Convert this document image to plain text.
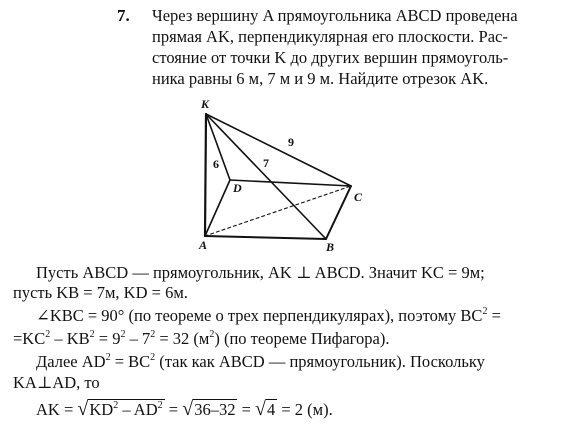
7. Через вершину A прямоугольника ABCD проведена
прямая AK, перпендикулярная его плоскости. Рас-
стояние от точки K до других вершин прямоуголь-
ника равны 6 м, 7 м и 9 м. Найдите отрезок AK.
K
D
C
A	B
6	7
9
Пусть ABCD — прямоугольник, AK ⊥ ABCD. Значит KC = 9м;
пусть KB = 7м, KD = 6м.
∠KBC = 90° (по теореме о трех перпендикулярах), поэтому $BC^2$ =
$=KC^2 - KB^2 = 9^2 - 7^2 = 32$ $(м^2)$ (по теореме Пифагора).
Далее $AD^2 = BC^2$ (так как ABCD — прямоугольник). Поскольку
KA⊥AD, то
AK = $√KD^2 - AD^2 = √36-32 = √4 = 2$ (м).
